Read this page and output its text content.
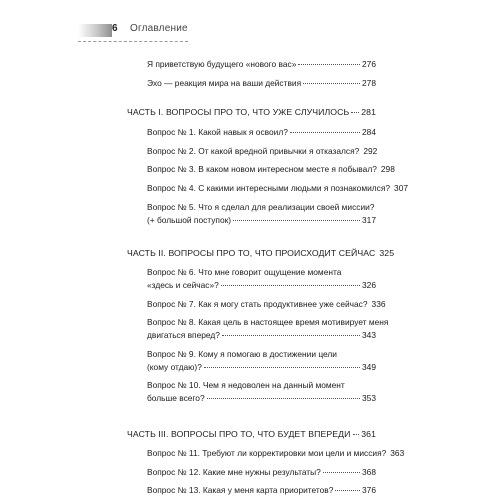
6 Оглавление
Я приветствую будущего «нового вас»	276
Эхо — реакция мира на ваши действия	278
ЧАСТЬ I. ВОПРОСЫ ПРО ТО, ЧТО УЖЕ СЛУЧИЛОСЬ 281
Вопрос № 1. Какой навык я освоил?	284
Вопрос № 2. От какой вредной привычки я отказался? 292
Вопрос № 3. В каком новом интересном месте я побывал? 298
Вопрос № 4. С какими интересными людьми я познакомился? 307
Вопрос № 5. Что я сделал для реализации своей миссии?
(+ большой поступок)	317
ЧАСТЬ II. ВОПРОСЫ ПРО ТО, ЧТО ПРОИСХОДИТ СЕЙЧАС 325
Вопрос № 6. Что мне говорит ощущение момента
«здесь и сейчас»?	326
Вопрос № 7. Как я могу стать продуктивнее уже сейчас? 336
Вопрос № 8. Какая цель в настоящее время мотивирует меня
двигаться вперед?	343
Вопрос № 9. Кому я помогаю в достижении цели
(кому отдаю)?	349
Вопрос № 10. Чем я недоволен на данный момент
больше всего?	353
ЧАСТЬ III. ВОПРОСЫ ПРО ТО, ЧТО БУДЕТ ВПЕРЕДИ 361
Вопрос № 11. Требуют ли корректировки мои цели и миссия? 363
Вопрос № 12. Какие мне нужны результаты?	368
Вопрос № 13. Какая у меня карта приоритетов?	376
